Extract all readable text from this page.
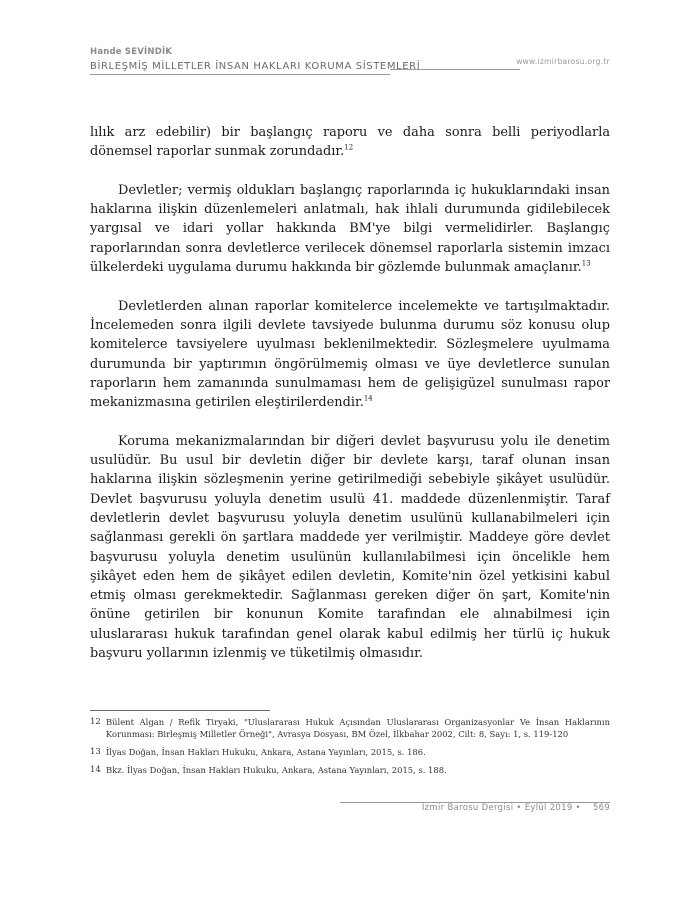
Hande SEVİNDİK
BİRLEŞMİŞ MİLLETLER İNSAN HAKLARI KORUMA SİSTEMLERİ	www.izmirbarosu.org.tr

lılık arz edebilir) bir başlangıç raporu ve daha sonra belli periyodlarla dönemsel raporlar sunmak zorundadır.$^{12}$

Devletler; vermiş oldukları başlangıç raporlarında iç hukuklarındaki insan haklarına ilişkin düzenlemeleri anlatmalı, hak ihlali durumunda gidilebilecek yargısal ve idari yollar hakkında BM'ye bilgi vermelidirler. Başlangıç raporlarından sonra devletlerce verilecek dönemsel raporlarla sistemin imzacı ülkelerdeki uygulama durumu hakkında bir gözlemde bulunmak amaçlanır.$^{13}$

Devletlerden alınan raporlar komitelerce incelemekte ve tartışılmaktadır. İncelemeden sonra ilgili devlete tavsiyede bulunma durumu söz konusu olup komitelerce tavsiyelere uyulması beklenilmektedir. Sözleşmelere uyulmama durumunda bir yaptırımın öngörülmemiş olması ve üye devletlerce sunulan raporların hem zamanında sunulmaması hem de gelişigüzel sunulması rapor mekanizmasına getirilen eleştirilerdendir.$^{14}$

Koruma mekanizmalarından bir diğeri devlet başvurusu yolu ile denetim usulüdür. Bu usul bir devletin diğer bir devlete karşı, taraf olunan insan haklarına ilişkin sözleşmenin yerine getirilmediği sebebiyle şikâyet usulüdür. Devlet başvurusu yoluyla denetim usulü 41. maddede düzenlenmiştir. Taraf devletlerin devlet başvurusu yoluyla denetim usulünü kullanabilmeleri için sağlanması gerekli ön şartlara maddede yer verilmiştir. Maddeye göre devlet başvurusu yoluyla denetim usulünün kullanılabilmesi için öncelikle hem şikâyet eden hem de şikâyet edilen devletin, Komite'nin özel yetkisini kabul etmiş olması gerekmektedir. Sağlanması gereken diğer ön şart, Komite'nin önüne getirilen bir konunun Komite tarafından ele alınabilmesi için uluslararası hukuk tarafından genel olarak kabul edilmiş her türlü iç hukuk başvuru yollarının izlenmiş ve tüketilmiş olmasıdır.

12 Bülent Algan / Refik Tiryaki, "Uluslararası Hukuk Açısından Uluslararası Organizasyonlar Ve İnsan Haklarının Korunması: Birleşmiş Milletler Örneği", Avrasya Dosyası, BM Özel, İlkbahar 2002, Cilt: 8, Sayı: 1, s. 119-120
13 İlyas Doğan, İnsan Hakları Hukuku, Ankara, Astana Yayınları, 2015, s. 186.
14 Bkz. İlyas Doğan, İnsan Hakları Hukuku, Ankara, Astana Yayınları, 2015, s. 188.
İzmir Barosu Dergisi • Eylül 2019 • 569
